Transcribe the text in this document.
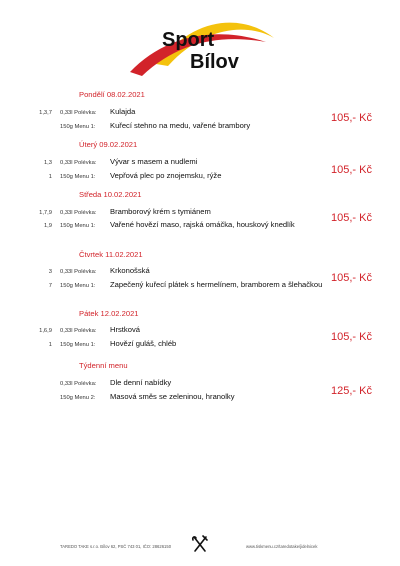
Sport
Bílov
Pondělí 08.02.2021
1,3,7 0,33l Polévka: Kulajda
150g Menu 1: Kuřecí stehno na medu, vařené brambory
105,- Kč
Úterý 09.02.2021
1,3 0,33l Polévka: Vývar s masem a nudlemi
1 150g Menu 1: Vepřová plec po znojemsku, rýže	105,- Kč
Středa 10.02.2021
1,7,9 0,33l Polévka: Bramborový krém s tymiánem
1,9 150g Menu 1: Vařené hovězí maso, rajská omáčka, houskový knedlík
105,- Kč
Čtvrtek 11.02.2021
3 0,33l Polévka: Krkonošská
7 150g Menu 1: Zapečený kuřecí plátek s hermelínem, bramborem a šlehačkou
105,- Kč
Pátek 12.02.2021
1,6,9 0,33l Polévka: Hrstková
1 150g Menu 1: Hovězí guláš, chléb
105,- Kč
Týdenní menu
0,33l Polévka: Dle denní nabídky
150g Menu 2: Masová směs se zeleninou, hranolky	125,- Kč
TAREDO TAKE s.r.o. Bílov 62, PSČ 743 01, IČO: 28626150	www.tiskmenu.cz/taredotake/jidelnicek
